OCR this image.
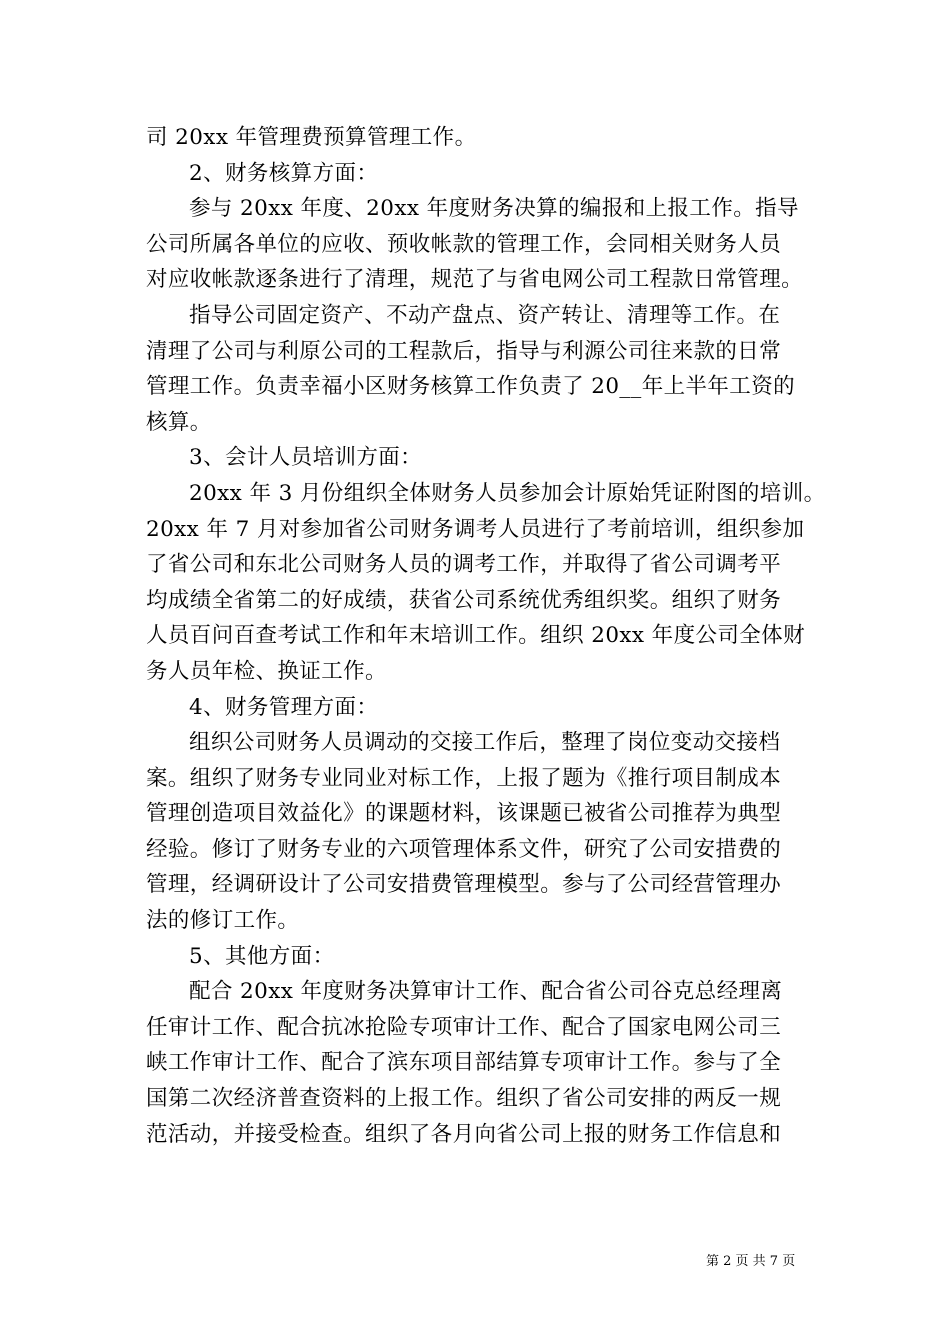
司 20xx 年管理费预算管理工作。
2、财务核算方面：
参与 20xx 年度、20xx 年度财务决算的编报和上报工作。指导
公司所属各单位的应收、预收帐款的管理工作，会同相关财务人员
对应收帐款逐条进行了清理，规范了与省电网公司工程款日常管理。
指导公司固定资产、不动产盘点、资产转让、清理等工作。在
清理了公司与利原公司的工程款后，指导与利源公司往来款的日常
管理工作。负责幸福小区财务核算工作负责了 20__年上半年工资的
核算。
3、会计人员培训方面：
20xx 年 3 月份组织全体财务人员参加会计原始凭证附图的培训。
20xx 年 7 月对参加省公司财务调考人员进行了考前培训，组织参加
了省公司和东北公司财务人员的调考工作，并取得了省公司调考平
均成绩全省第二的好成绩，获省公司系统优秀组织奖。组织了财务
人员百问百查考试工作和年末培训工作。组织 20xx 年度公司全体财
务人员年检、换证工作。
4、财务管理方面：
组织公司财务人员调动的交接工作后，整理了岗位变动交接档
案。组织了财务专业同业对标工作，上报了题为《推行项目制成本
管理创造项目效益化》的课题材料，该课题已被省公司推荐为典型
经验。修订了财务专业的六项管理体系文件，研究了公司安措费的
管理，经调研设计了公司安措费管理模型。参与了公司经营管理办
法的修订工作。
5、其他方面：
配合 20xx 年度财务决算审计工作、配合省公司谷克总经理离
任审计工作、配合抗冰抢险专项审计工作、配合了国家电网公司三
峡工作审计工作、配合了滨东项目部结算专项审计工作。参与了全
国第二次经济普查资料的上报工作。组织了省公司安排的两反一规
范活动，并接受检查。组织了各月向省公司上报的财务工作信息和
第 2 页 共 7 页
